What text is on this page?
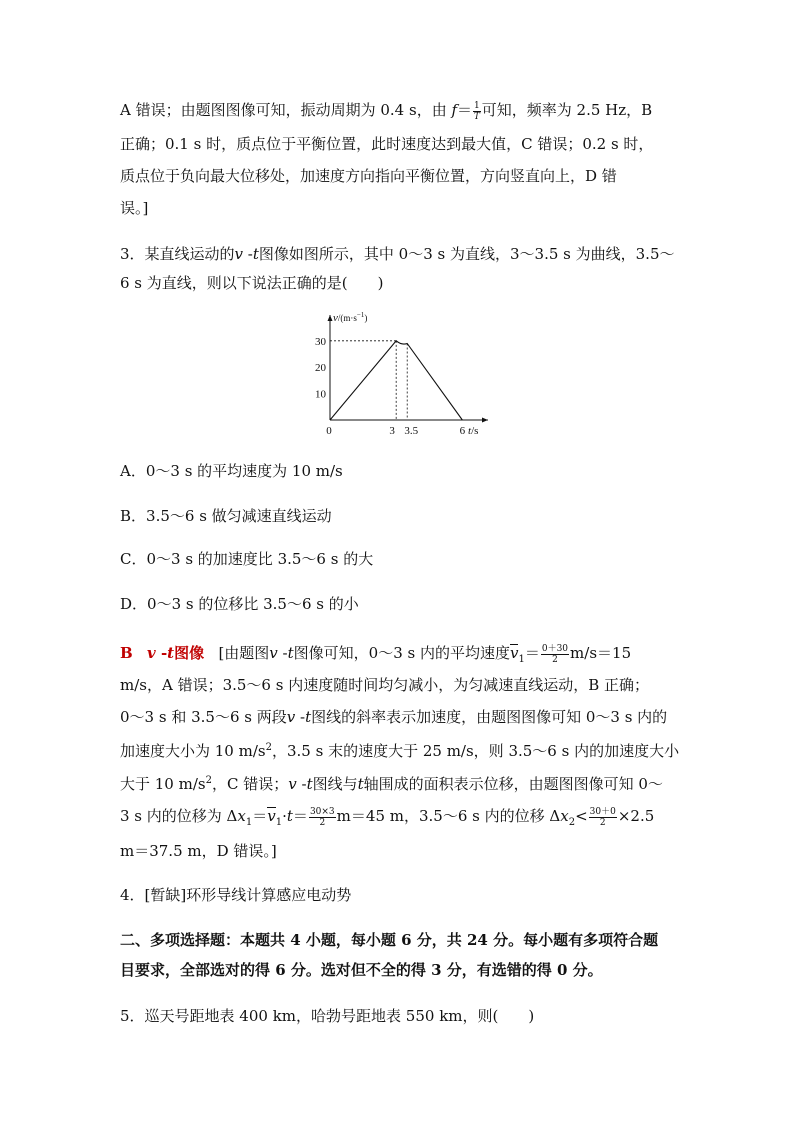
A 错误；由题图图像可知，振动周期为 0.4 s，由 $f= \frac{1}{T}$ 可知，频率为 2.5 Hz，B
正确；0.1 s 时，质点位于平衡位置，此时速度达到最大值，C 错误；0.2 s 时，
质点位于负向最大位移处，加速度方向指向平衡位置，方向竖直向上，D 错
误。]
3．某直线运动的v -t图像如图所示，其中 0～3 s 为直线，3～3.5 s 为曲线，3.5～
6 s 为直线，则以下说法正确的是(　　)
10
20
30
0	3 3.5	6
$v/(m\cdot s^{-1}_)$
t/s
A．0～3 s 的平均速度为 10 m/s
B．3.5～6 s 做匀减速直线运动
C．0～3 s 的加速度比 3.5～6 s 的大
D．0～3 s 的位移比 3.5～6 s 的小
B v -t图像 [由题图v -t图像可知，0～3 s 内的平均速度$v_1= \frac{0+30}{2} m/s=15$
m/s，A 错误；3.5～6 s 内速度随时间均匀减小，为匀减速直线运动，B 正确；
0～3 s 和 3.5～6 s 两段v -t图线的斜率表示加速度，由题图图像可知 0～3 s 内的
加速度大小为 10 $m/s^2$，3.5 s 末的速度大于 25 m/s，则 3.5～6 s 内的加速度大小
大于 10 $m/s^2$，C 错误；v -t图线与t轴围成的面积表示位移，由题图图像可知 0～
3 s 内的位移为 $\Delta x_1=v_1\cdot t= \frac{30\times 3}{2} m=45$ m，3.5～6 s 内的位移 $\Delta x_2< \frac{30+0}{2} \times 2.5$
m＝37.5 m，D 错误。]
4．[暂缺]环形导线计算感应电动势
二、多项选择题：本题共 4 小题，每小题 6 分，共 24 分。每小题有多项符合题
目要求，全部选对的得 6 分。选对但不全的得 3 分，有选错的得 0 分。
5．巡天号距地表 400 km，哈勃号距地表 550 km，则(　　)
